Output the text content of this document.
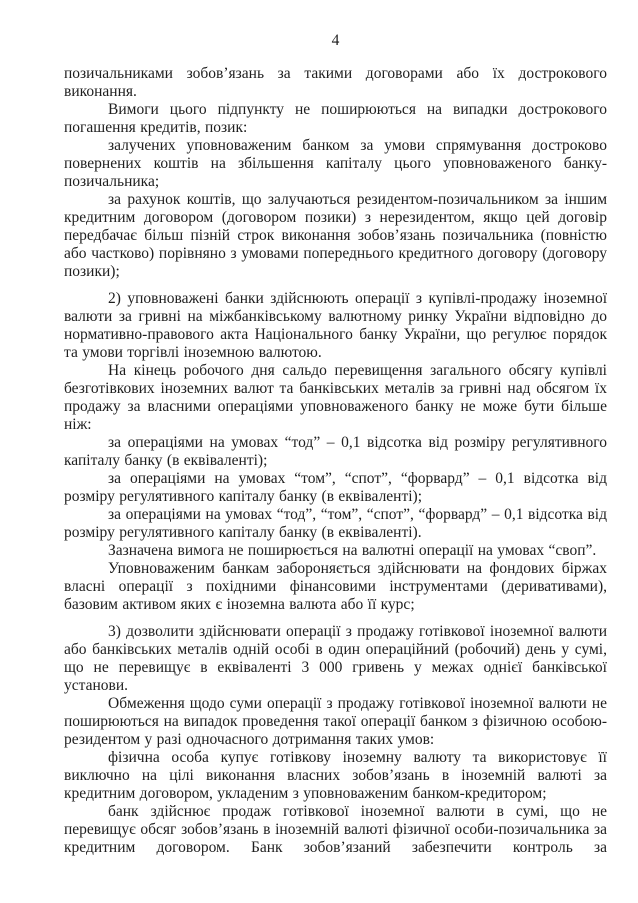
4

позичальниками зобов’язань за такими договорами або їх дострокового виконання.

Вимоги цього підпункту не поширюються на випадки дострокового погашення кредитів, позик:

залучених уповноваженим банком за умови спрямування достроково повернених коштів на збільшення капіталу цього уповноваженого банку-позичальника;

за рахунок коштів, що залучаються резидентом-позичальником за іншим кредитним договором (договором позики) з нерезидентом, якщо цей договір передбачає більш пізній строк виконання зобов’язань позичальника (повністю або частково) порівняно з умовами попереднього кредитного договору (договору позики);

2) уповноважені банки здійснюють операції з купівлі-продажу іноземної валюти за гривні на міжбанківському валютному ринку України відповідно до нормативно-правового акта Національного банку України, що регулює порядок та умови торгівлі іноземною валютою.

На кінець робочого дня сальдо перевищення загального обсягу купівлі безготівкових іноземних валют та банківських металів за гривні над обсягом їх продажу за власними операціями уповноваженого банку не може бути більше ніж:

за операціями на умовах “тод” – 0,1 відсотка від розміру регулятивного капіталу банку (в еквіваленті);

за операціями на умовах “том”, “спот”, “форвард” – 0,1 відсотка від розміру регулятивного капіталу банку (в еквіваленті);

за операціями на умовах “тод”, “том”, “спот”, “форвард” – 0,1 відсотка від розміру регулятивного капіталу банку (в еквіваленті).

Зазначена вимога не поширюється на валютні операції на умовах “своп”.

Уповноваженим банкам забороняється здійснювати на фондових біржах власні операції з похідними фінансовими інструментами (деривативами), базовим активом яких є іноземна валюта або її курс;

3) дозволити здійснювати операції з продажу готівкової іноземної валюти або банківських металів одній особі в один операційний (робочий) день у сумі, що не перевищує в еквіваленті 3 000 гривень у межах однієї банківської установи.

Обмеження щодо суми операції з продажу готівкової іноземної валюти не поширюються на випадок проведення такої операції банком з фізичною особою-резидентом у разі одночасного дотримання таких умов:

фізична особа купує готівкову іноземну валюту та використовує її виключно на цілі виконання власних зобов’язань в іноземній валюті за кредитним договором, укладеним з уповноваженим банком-кредитором;

банк здійснює продаж готівкової іноземної валюти в сумі, що не перевищує обсяг зобов’язань в іноземній валюті фізичної особи-позичальника за кредитним договором. Банк зобов’язаний забезпечити контроль за
